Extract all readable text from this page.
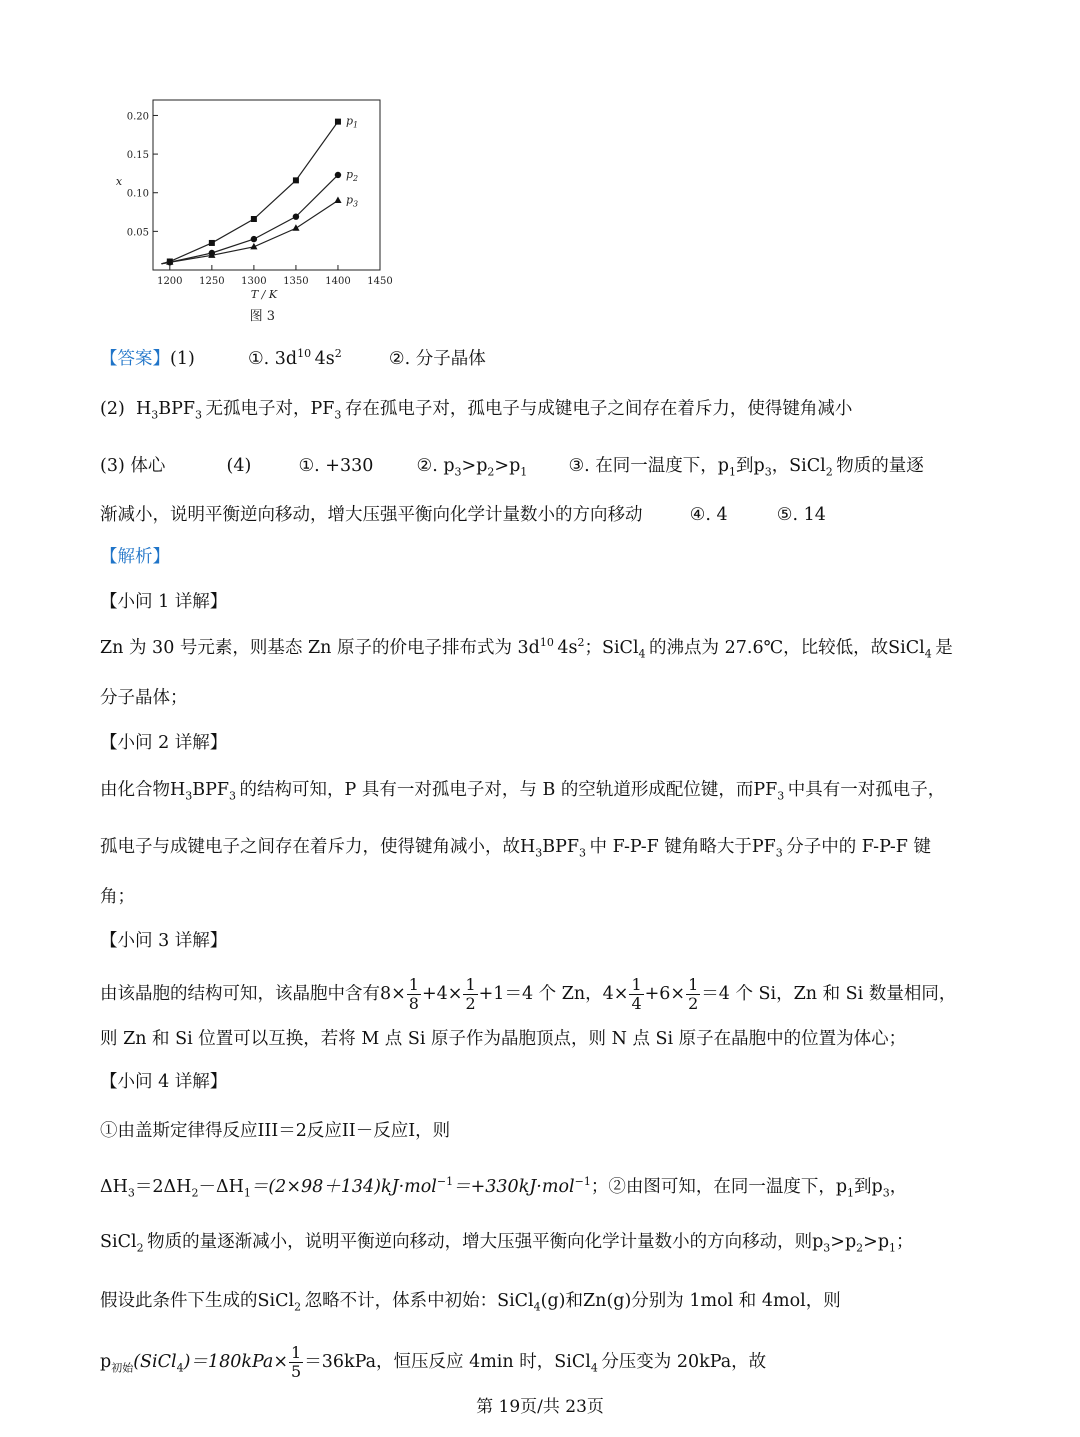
0.05
0.10
0.15
0.20
1200 1250 1300 1350 1400 1450
x
T / K
图 3
$p_1$
$p_2$
$p_3$
【答案】(1)	①. $3d^{10}$  $4s^2$	②. 分子晶体
(2) $H_3BPF_3$  无孤电子对，$PF_3$  存在孤电子对，孤电子与成键电子之间存在着斥力，使得键角减小
(3) 体心	(4)	①. +330 ②. $p_3>p_2>p_1$ ③. 在同一温度下，$p_1$到$p_3$，SiCl$_2$  物质的量逐
渐减小，说明平衡逆向移动，增大压强平衡向化学计量数小的方向移动	④. 4	⑤. 14
【解析】
【小问 1 详解】
Zn 为 30 号元素，则基态 Zn 原子的价电子排布式为 $3d^{10}$  $4s^2$；SiCl$_4$  的沸点为 27.6℃，比较低，故SiCl$_4$  是
分子晶体；
【小问 2 详解】
由化合物$H_3BPF_3$  的结构可知，P 具有一对孤电子对，与 B 的空轨道形成配位键，而$PF_3$  中具有一对孤电子，
孤电子与成键电子之间存在着斥力，使得键角减小，故$H_3BPF_3$  中 F-P-F 键角略大于$PF_3$  分子中的 F-P-F 键
角；
【小问 3 详解】
由该晶胞的结构可知，该晶胞中含有$8\times \frac{1}{8} +4\times \frac{1}{2} +1=4$ 个 Zn，$4\times \frac{1}{4} +6\times \frac{1}{2} =4$ 个 Si，Zn 和 Si 数量相同，
则 Zn 和 Si 位置可以互换，若将 M 点 Si 原子作为晶胞顶点，则 N 点 Si 原子在晶胞中的位置为体心；
【小问 4 详解】
①由盖斯定律得反应III＝2反应II－反应I，则
$\Delta H_3=2\Delta H_2-\Delta H_1=(2\times 98+134)kJ\cdot mol^{-1}=+330kJ\cdot mol^{-1}$；②由图可知，在同一温度下，$p_1$到$p_3$，
SiCl$_2$  物质的量逐渐减小，说明平衡逆向移动，增大压强平衡向化学计量数小的方向移动，则$p_3>p_2>p_1$；
假设此条件下生成的SiCl$_2$  忽略不计，体系中初始：SiCl$_4$(g)和Zn(g)分别为 1mol 和 4mol，则
$p_{初始}(SiCl_4)=180kPa\times \frac{1}{5} =36kPa$，恒压反应 4min 时，SiCl$_4$  分压变为 20kPa，故
第 19页/共 23页
